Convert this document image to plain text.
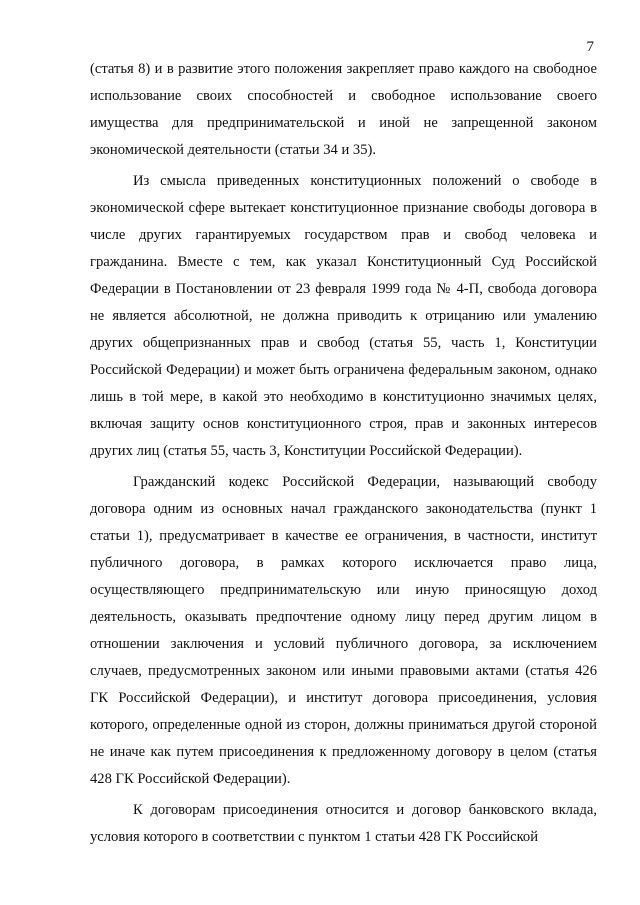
7

(статья 8) и в развитие этого положения закрепляет право каждого на свободное использование своих способностей и свободное использование своего имущества для предпринимательской и иной не запрещенной законом экономической деятельности (статьи 34 и 35).

Из смысла приведенных конституционных положений о свободе в экономической сфере вытекает конституционное признание свободы договора в числе других гарантируемых государством прав и свобод человека и гражданина. Вместе с тем, как указал Конституционный Суд Российской Федерации в Постановлении от 23 февраля 1999 года № 4-П, свобода договора не является абсолютной, не должна приводить к отрицанию или умалению других общепризнанных прав и свобод (статья 55, часть 1, Конституции Российской Федерации) и может быть ограничена федеральным законом, однако лишь в той мере, в какой это необходимо в конституционно значимых целях, включая защиту основ конституционного строя, прав и законных интересов других лиц (статья 55, часть 3, Конституции Российской Федерации).

Гражданский кодекс Российской Федерации, называющий свободу договора одним из основных начал гражданского законодательства (пункт 1 статьи 1), предусматривает в качестве ее ограничения, в частности, институт публичного договора, в рамках которого исключается право лица, осуществляющего предпринимательскую или иную приносящую доход деятельность, оказывать предпочтение одному лицу перед другим лицом в отношении заключения и условий публичного договора, за исключением случаев, предусмотренных законом или иными правовыми актами (статья 426 ГК Российской Федерации), и институт договора присоединения, условия которого, определенные одной из сторон, должны приниматься другой стороной не иначе как путем присоединения к предложенному договору в целом (статья 428 ГК Российской Федерации).

К договорам присоединения относится и договор банковского вклада, условия которого в соответствии с пунктом 1 статьи 428 ГК Российской
